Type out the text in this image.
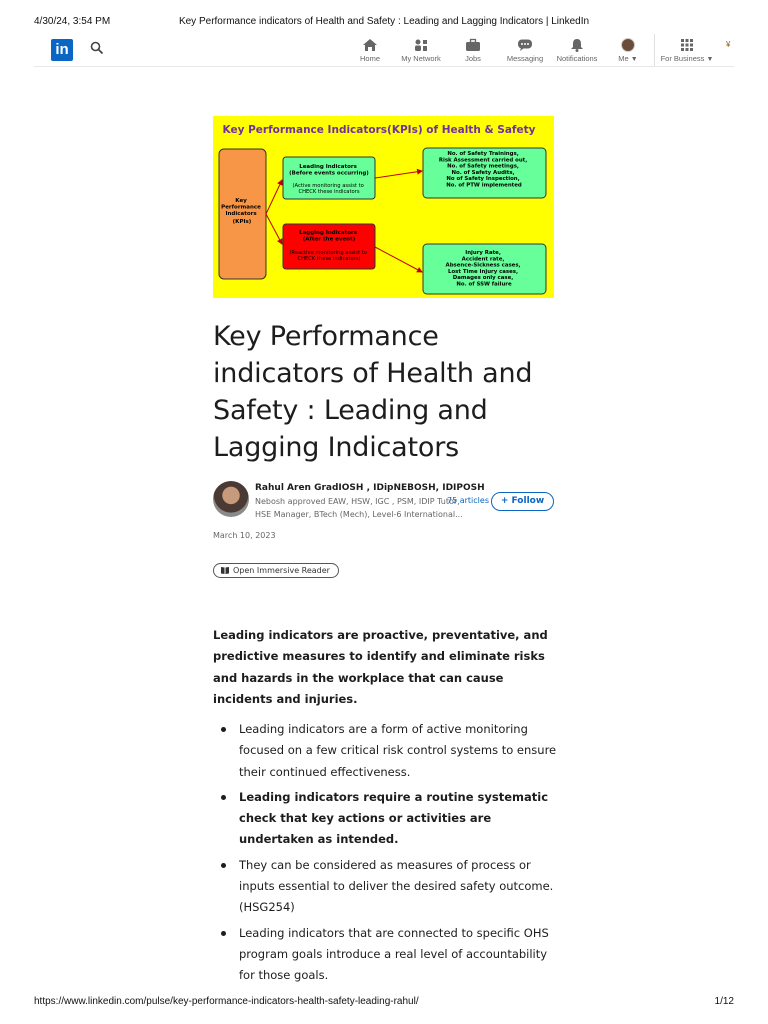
4/30/24, 3:54 PM	Key Performance indicators of Health and Safety : Leading and Lagging Indicators | LinkedIn
in
Home	My Network	Jobs	Messaging	Notifications	Me ▼	For Business ▼
¥
Key Performance Indicators(KPIs) of Health & Safety
Key Performance Indicators (KPIs)
Leading Indicators (Before events occurring)
(Active monitoring assist to CHECK these indicators
Lagging Indicators (After the event)
(Reactive monitoring assist to CHECK these indicators)
No. of Safety Trainings, Risk Assessment carried out, No. of Safety meetings, No. of Safety Audits, No of Safety Inspection, No. of PTW implemented
Injury Rate, Accident rate, Absence-Sickness cases, Lost Time Injury cases, Damages only case, No. of SSW failure
Key Performance indicators of Health and Safety : Leading and Lagging Indicators
Rahul Aren GradIOSH , IDipNEBOSH, IDIPOSH
Nebosh approved EAW, HSW, IGC , PSM, IDIP Tutor,
HSE Manager, BTech (Mech), Level-6 International...
75 articles	+ Follow
March 10, 2023
Open Immersive Reader

Leading indicators are proactive, preventative, and predictive measures to identify and eliminate risks and hazards in the workplace that can cause incidents and injuries.

Leading indicators are a form of active monitoring focused on a few critical risk control systems to ensure their continued effectiveness.
Leading indicators require a routine systematic check that key actions or activities are undertaken as intended.
They can be considered as measures of process or inputs essential to deliver the desired safety outcome. (HSG254)
Leading indicators that are connected to specific OHS program goals introduce a real level of accountability for those goals.
https://www.linkedin.com/pulse/key-performance-indicators-health-safety-leading-rahul/	1/12
